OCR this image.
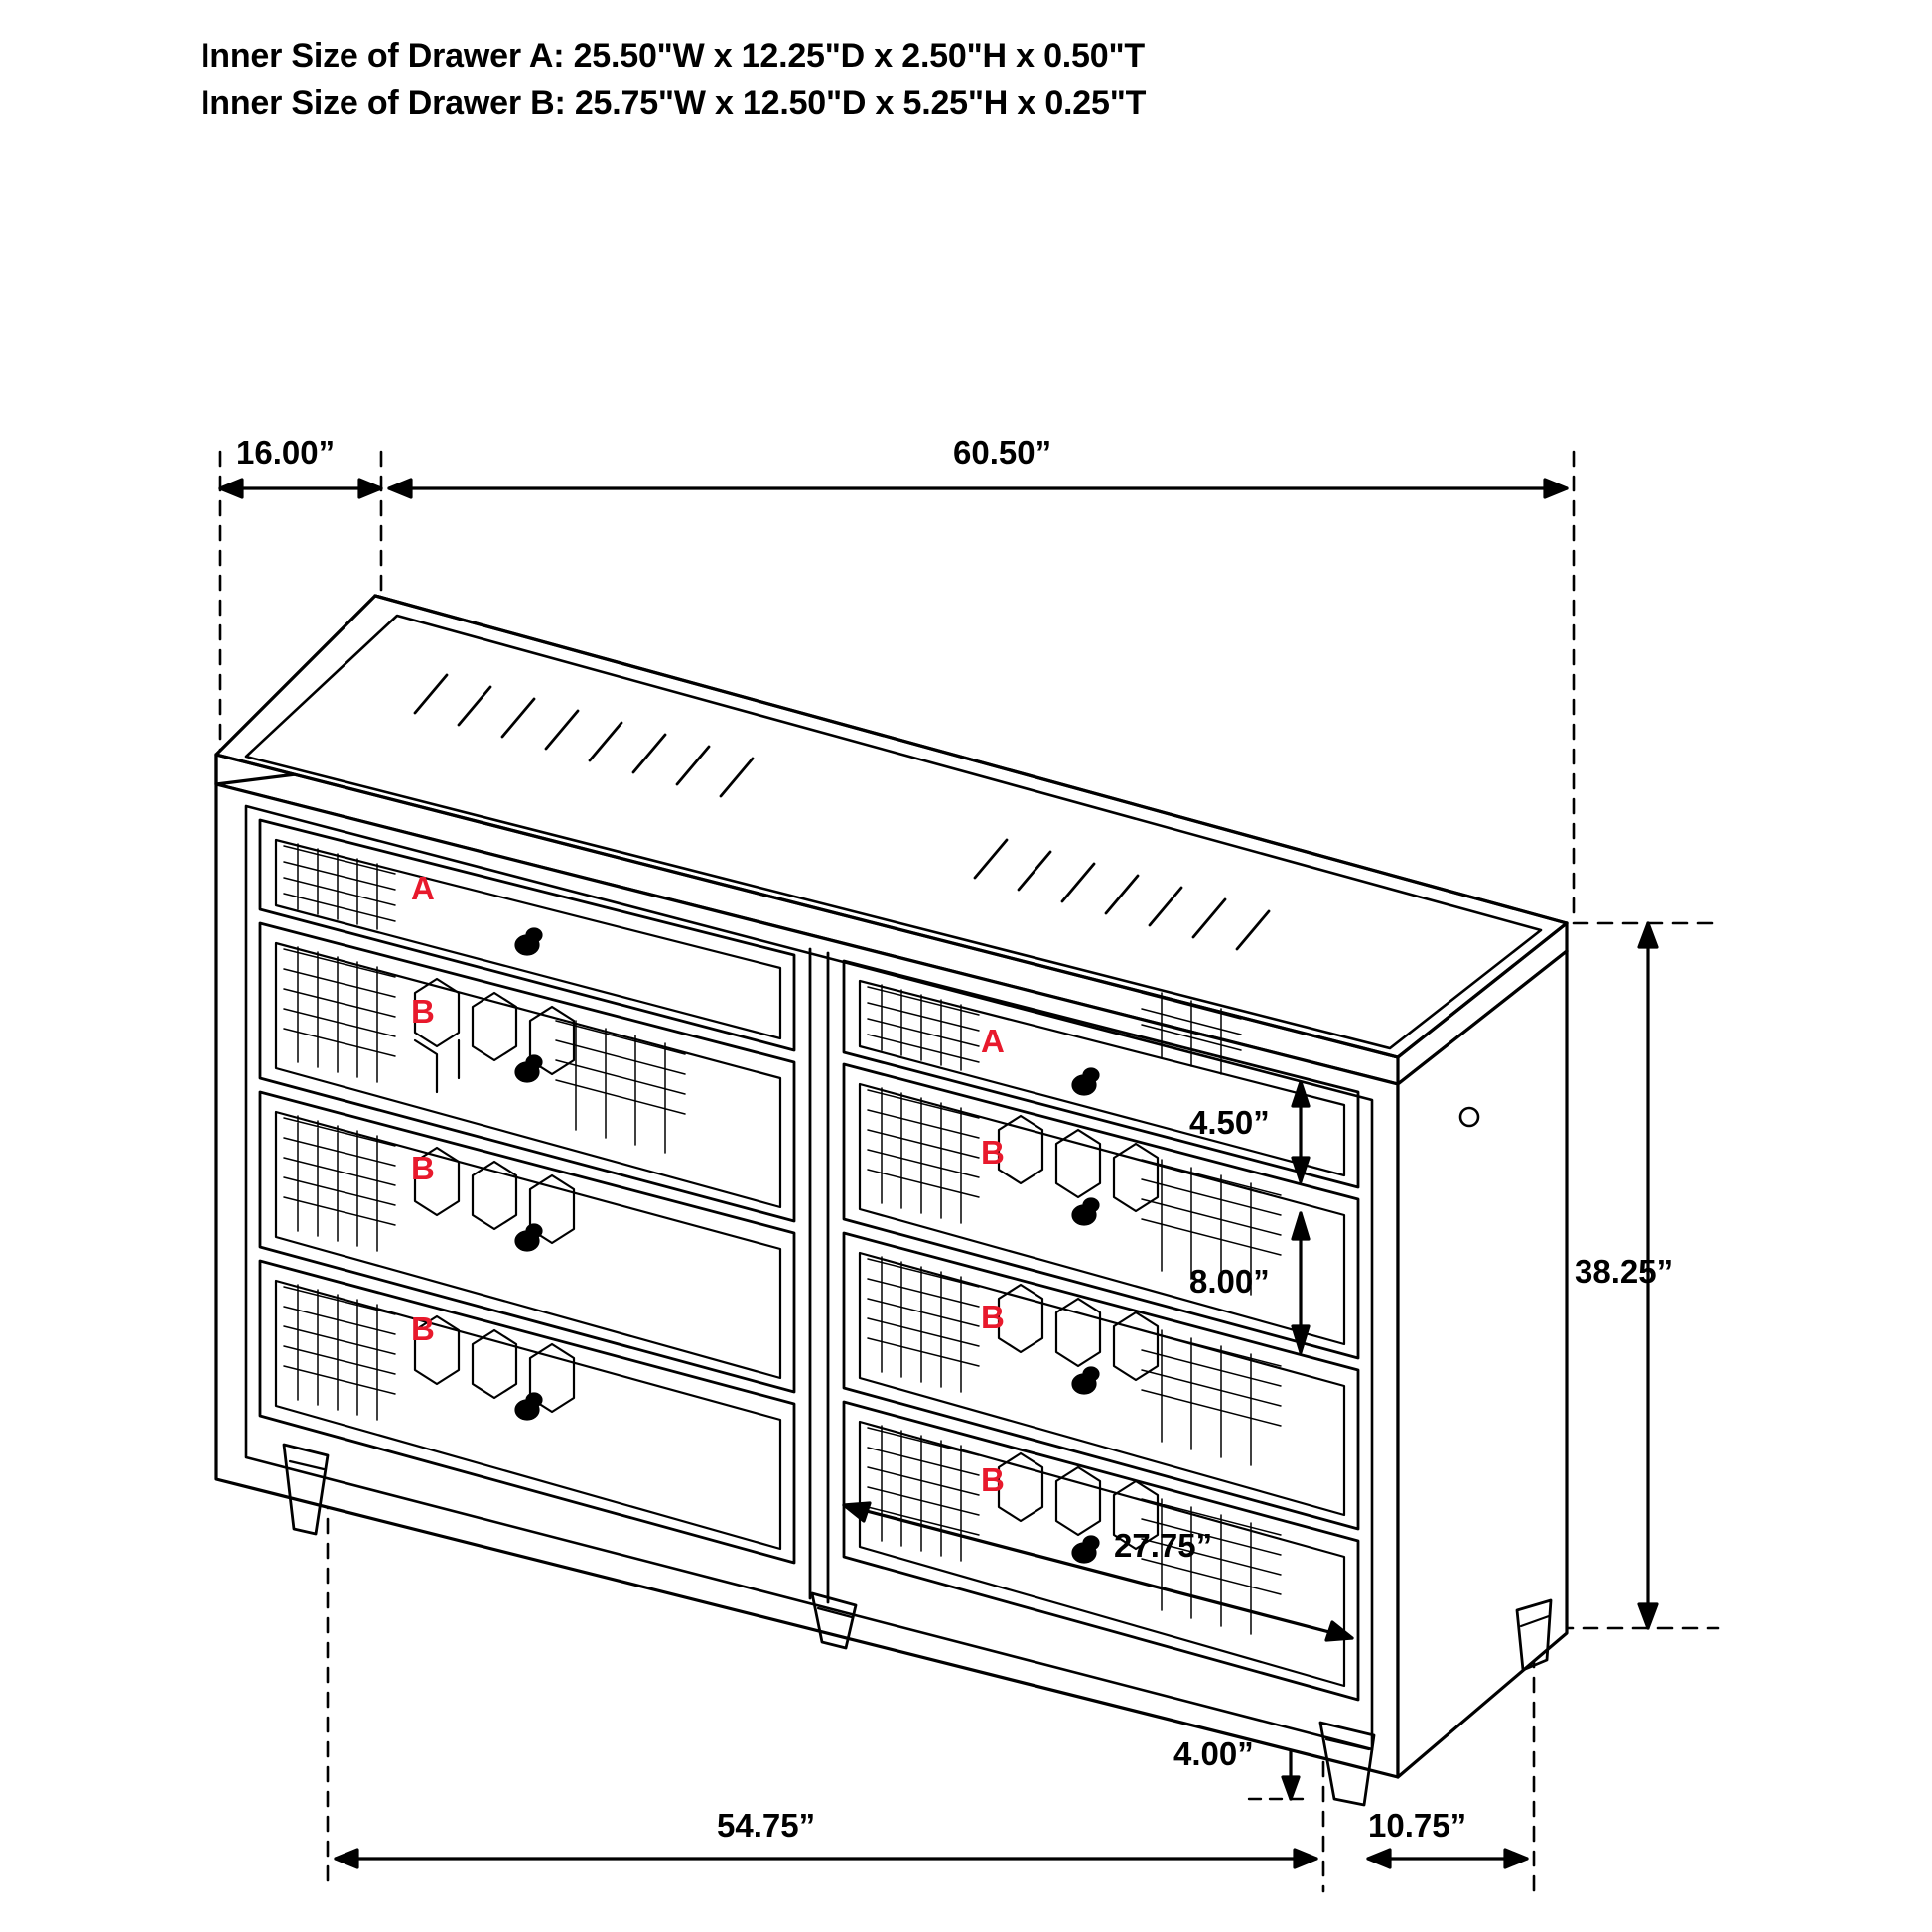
Inner Size of Drawer A: 25.50"W x 12.25"D x 2.50"H x 0.50"T
Inner Size of Drawer B: 25.75"W x 12.50"D x 5.25"H x 0.25"T
16.00”	60.50”
4.50”
8.00”
27.75”
38.25”
4.00”
54.75”	10.75”
A
B
B
B
A
B
B
B
